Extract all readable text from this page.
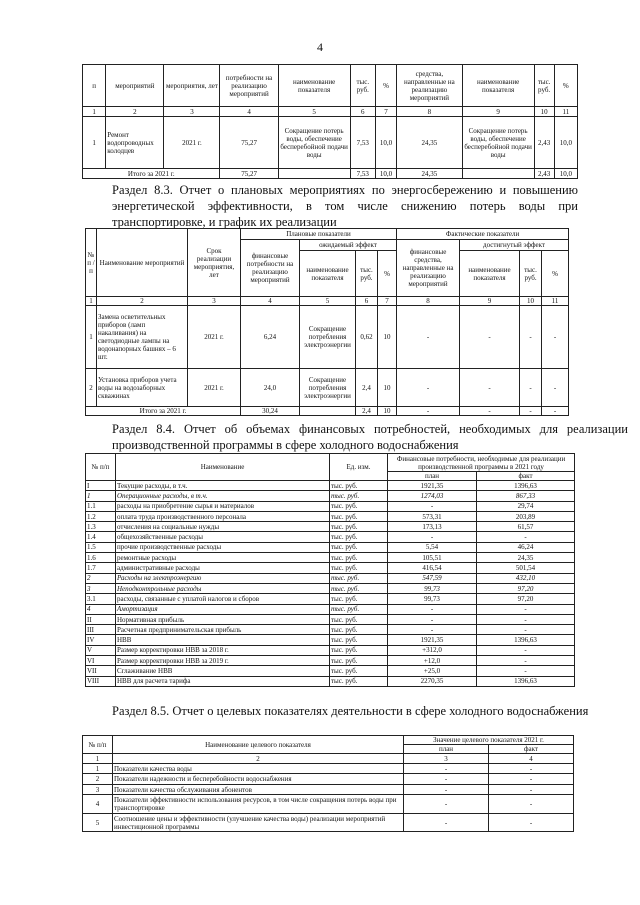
4
п	мероприятий	мероприятия, лет	потребности на реализацию мероприятий	наименование показателя	тыс. руб.	%	средства, направленные на реализацию мероприятий	наименование показателя	тыс. руб.	%
1	2	3	4	5	6	7	8	9	10	11
1	Ремонт водопроводных колодцев	2021 г.	75,27	Сокращение потерь воды, обеспечение бесперебойной подачи воды	7,53	10,0	24,35	Сокращение потерь воды, обеспечение бесперебойной подачи воды	2,43	10,0
Итого за 2021 г.			75,27		7,53	10,0	24,35		2,43	10,0
Раздел 8.3. Отчет о плановых мероприятиях по энергосбережению и повышению энергетической эффективности, в том числе снижению потерь воды при транспортировке, и график их реализации
№ п / п	Наименование мероприятий	Срок реализации мероприятия, лет	Плановые показатели				Фактические показатели			
			финансовые потребности на реализацию мероприятий	ожидаемый эффект			финансовые средства, направленные на реализацию мероприятий	достигнутый эффект		
				наименование показателя	тыс. руб.	%		наименование показателя	тыс. руб.	%
1	2	3	4	5	6	7	8	9	10	11
1	Замена осветительных приборов (ламп накаливания) на светодиодные лампы на водонапорных башнях – 6 шт.	2021 г.	6,24	Сокращение потребления электроэнергии	0,62	10	-	-	-	-
2	Установка приборов учета воды на водозаборных скважинах	2021 г.	24,0	Сокращение потребления электроэнергии	2,4	10	-	-	-	-
Итого за 2021 г.			30,24		2,4	10	-	-	-	-
Раздел 8.4. Отчет об объемах финансовых потребностей, необходимых для реализации производственной программы в сфере холодного водоснабжения
№ п/п	Наименование	Ед. изм.	Финансовые потребности, необходимые для реализации производственной программы в 2021 году	
			план	факт
I	Текущие расходы, в т.ч.	тыс. руб.	1921,35	1396,63
1	Операционные расходы, в т.ч.	тыс. руб.	1274,03	867,33
1.1	расходы на приобретение сырья и материалов	тыс. руб.	-	29,74
1.2	оплата труда производственного персонала	тыс. руб.	573,31	203,89
1.3	отчисления на социальные нужды	тыс. руб.	173,13	61,57
1.4	общехозяйственные расходы	тыс. руб.	-	-
1.5	прочие производственные расходы	тыс. руб.	5,54	46,24
1.6	ремонтные расходы	тыс. руб.	105,51	24,35
1.7	административные расходы	тыс. руб.	416,54	501,54
2	Расходы на электроэнергию	тыс. руб.	547,59	432,10
3	Неподконтрольные расходы	тыс. руб.	99,73	97,20
3.1	расходы, связанные с уплатой налогов и сборов	тыс. руб.	99,73	97,20
4	Амортизация	тыс. руб.	-	-
II	Нормативная прибыль	тыс. руб.	-	-
III	Расчетная предпринимательская прибыль	тыс. руб.	-	-
IV	НВВ	тыс. руб.	1921,35	1396,63
V	Размер корректировки НВВ за 2018 г.	тыс. руб.	+312,0	-
VI	Размер корректировки НВВ за 2019 г.	тыс. руб.	+12,0	-
VII	Сглаживание НВВ	тыс. руб.	+25,0	-
VIII	НВВ для расчета тарифа	тыс. руб.	2270,35	1396,63
Раздел 8.5. Отчет о целевых показателях деятельности в сфере холодного водоснабжения
№ п/п	Наименование целевого показателя	Значение целевого показателя 2021 г.	
		план	факт
1	2	3	4
1	Показатели качества воды	-	-
2	Показатели надежности и бесперебойности водоснабжения	-	-
3	Показатели качества обслуживания абонентов	-	-
4	Показатели эффективности использования ресурсов, в том числе сокращения потерь воды при транспортировке	-	-
5	Соотношение цены и эффективности (улучшение качества воды) реализации мероприятий инвестиционной программы	-	-
